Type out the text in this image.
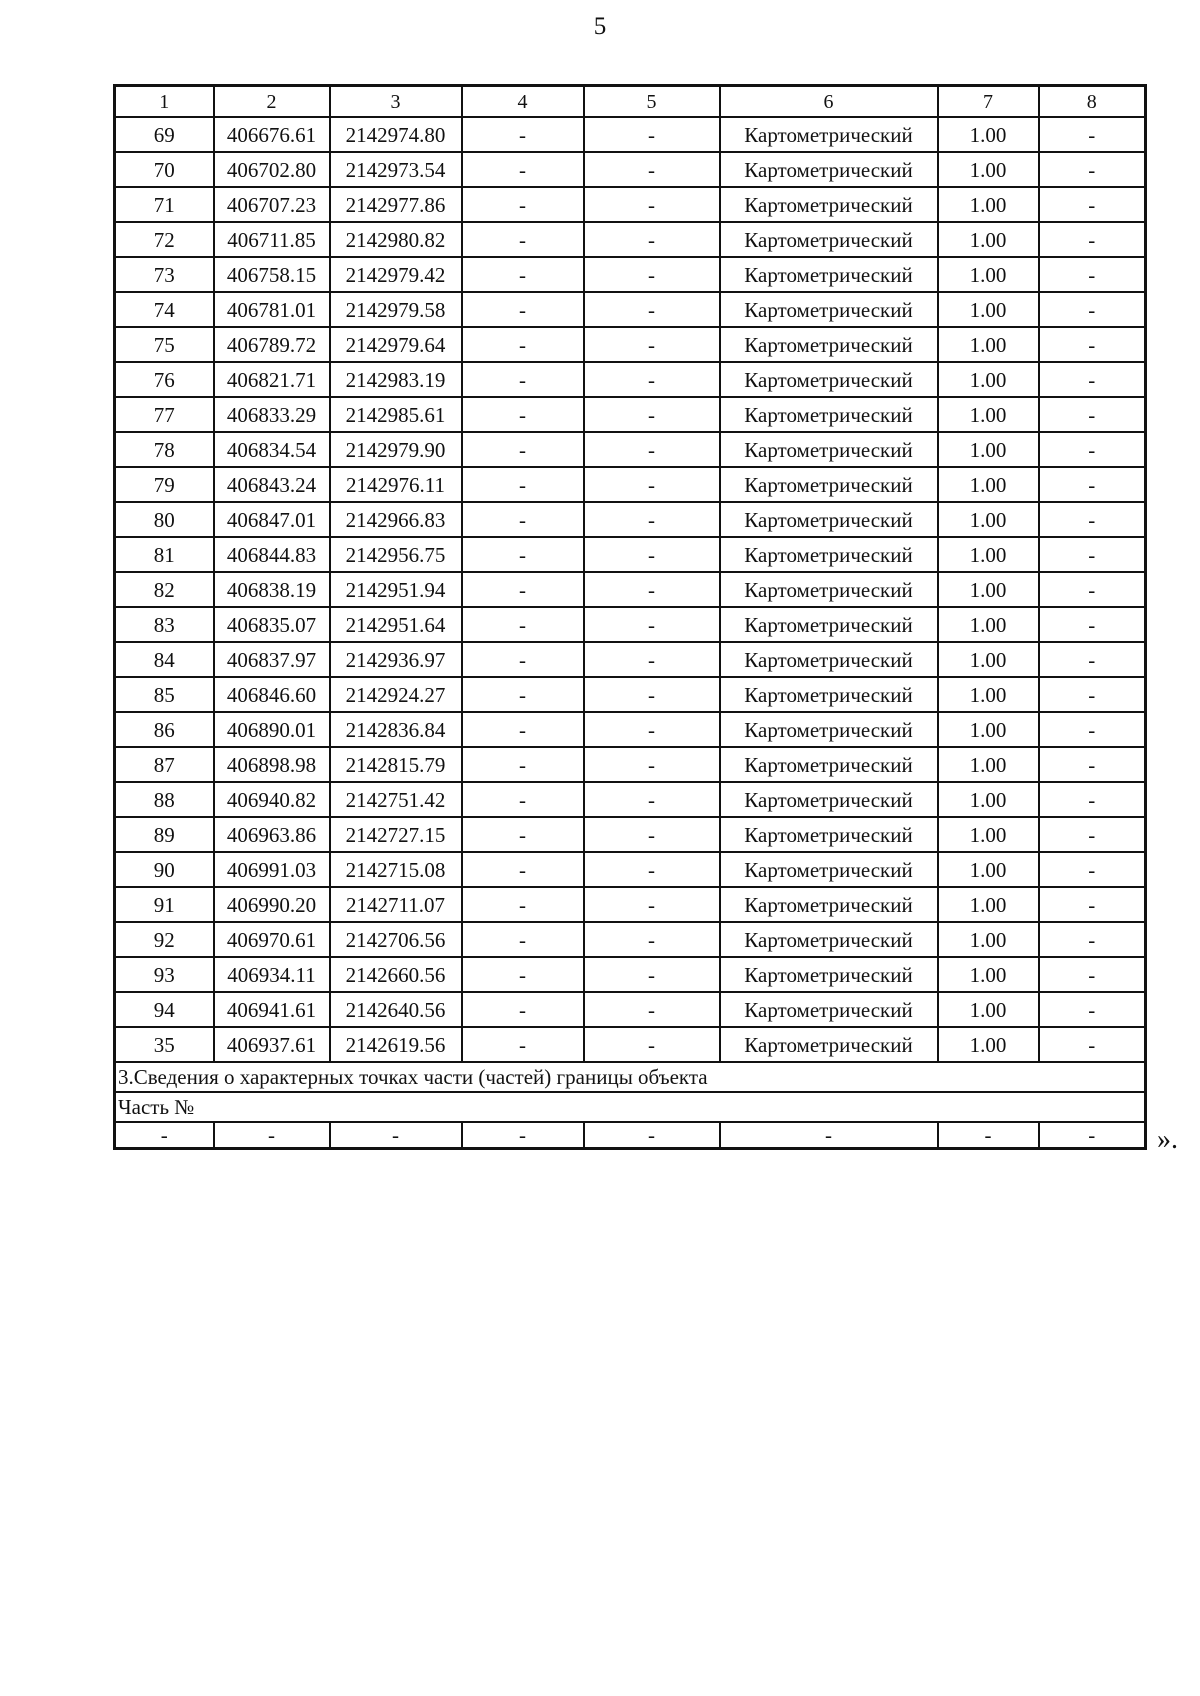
5
1	2	3	4	5	6	7	8
69	406676.61	2142974.80	-	-	Картометрический	1.00	-
70	406702.80	2142973.54	-	-	Картометрический	1.00	-
71	406707.23	2142977.86	-	-	Картометрический	1.00	-
72	406711.85	2142980.82	-	-	Картометрический	1.00	-
73	406758.15	2142979.42	-	-	Картометрический	1.00	-
74	406781.01	2142979.58	-	-	Картометрический	1.00	-
75	406789.72	2142979.64	-	-	Картометрический	1.00	-
76	406821.71	2142983.19	-	-	Картометрический	1.00	-
77	406833.29	2142985.61	-	-	Картометрический	1.00	-
78	406834.54	2142979.90	-	-	Картометрический	1.00	-
79	406843.24	2142976.11	-	-	Картометрический	1.00	-
80	406847.01	2142966.83	-	-	Картометрический	1.00	-
81	406844.83	2142956.75	-	-	Картометрический	1.00	-
82	406838.19	2142951.94	-	-	Картометрический	1.00	-
83	406835.07	2142951.64	-	-	Картометрический	1.00	-
84	406837.97	2142936.97	-	-	Картометрический	1.00	-
85	406846.60	2142924.27	-	-	Картометрический	1.00	-
86	406890.01	2142836.84	-	-	Картометрический	1.00	-
87	406898.98	2142815.79	-	-	Картометрический	1.00	-
88	406940.82	2142751.42	-	-	Картометрический	1.00	-
89	406963.86	2142727.15	-	-	Картометрический	1.00	-
90	406991.03	2142715.08	-	-	Картометрический	1.00	-
91	406990.20	2142711.07	-	-	Картометрический	1.00	-
92	406970.61	2142706.56	-	-	Картометрический	1.00	-
93	406934.11	2142660.56	-	-	Картометрический	1.00	-
94	406941.61	2142640.56	-	-	Картометрический	1.00	-
35	406937.61	2142619.56	-	-	Картометрический	1.00	-
3.Сведения о характерных точках части (частей) границы объекта							
Часть №							
-	-	-	-	-	-	-	- ».
